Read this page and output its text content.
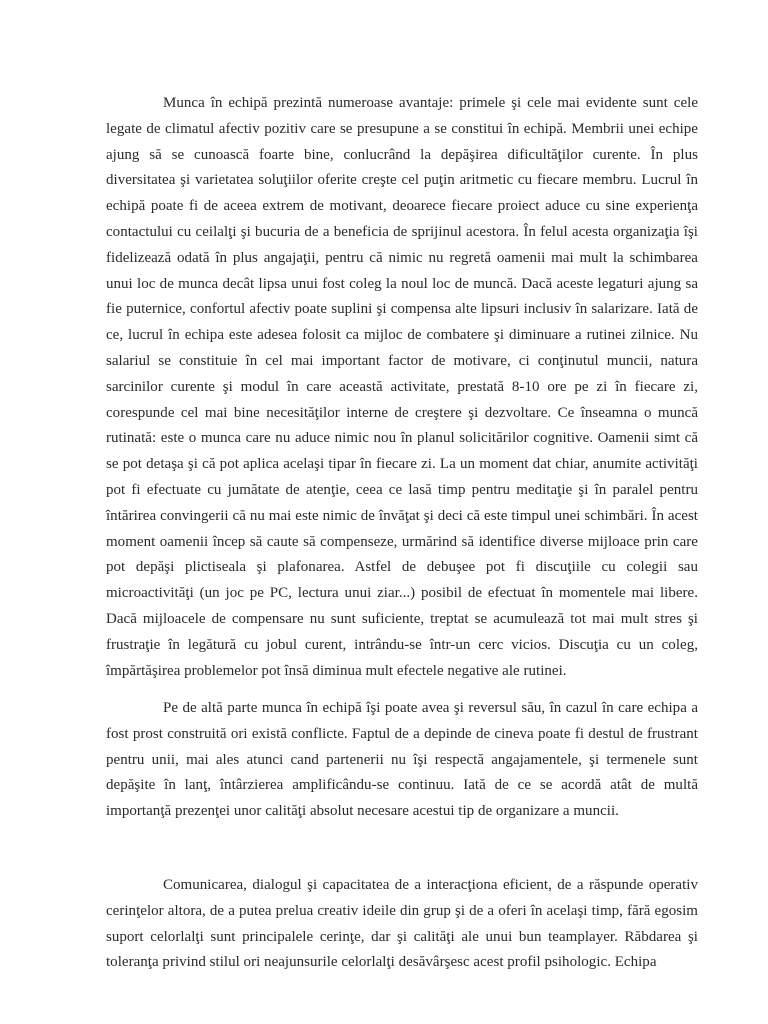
Munca în echipă prezintă numeroase avantaje: primele şi cele mai evidente sunt cele legate de climatul afectiv pozitiv care se presupune a se constitui în echipă. Membrii unei echipe ajung să se cunoască foarte bine, conlucrând la depăşirea dificultăţilor curente. În plus diversitatea şi varietatea soluţiilor oferite creşte cel puţin aritmetic cu fiecare membru. Lucrul în echipă poate fi de aceea extrem de motivant, deoarece fiecare proiect aduce cu sine experienţa contactului cu ceilalţi şi bucuria de a beneficia de sprijinul acestora. În felul acesta organizaţia îşi fidelizează odată în plus angajaţii, pentru că nimic nu regretă oamenii mai mult la schimbarea unui loc de munca decât lipsa unui fost coleg la noul loc de muncă. Dacă aceste legaturi ajung sa fie puternice, confortul afectiv poate suplini şi compensa alte lipsuri inclusiv în salarizare. Iată de ce, lucrul în echipa este adesea folosit ca mijloc de combatere şi diminuare a rutinei zilnice. Nu salariul se constituie în cel mai important factor de motivare, ci conţinutul muncii, natura sarcinilor curente şi modul în care această activitate, prestată 8-10 ore pe zi în fiecare zi, corespunde cel mai bine necesităţilor interne de creştere şi dezvoltare. Ce înseamna o muncă rutinată: este o munca care nu aduce nimic nou în planul solicitărilor cognitive. Oamenii simt că se pot detaşa şi că pot aplica acelaşi tipar în fiecare zi. La un moment dat chiar, anumite activităţi pot fi efectuate cu jumătate de atenţie, ceea ce lasă timp pentru meditaţie şi în paralel pentru întărirea convingerii că nu mai este nimic de învăţat şi deci că este timpul unei schimbări. În acest moment oamenii încep să caute să compenseze, urmărind să identifice diverse mijloace prin care pot depăşi plictiseala şi plafonarea. Astfel de debuşee pot fi discuţiile cu colegii sau microactivităţi (un joc pe PC, lectura unui ziar...) posibil de efectuat în momentele mai libere. Dacă mijloacele de compensare nu sunt suficiente, treptat se acumulează tot mai mult stres şi frustraţie în legătură cu jobul curent, intrându-se într-un cerc vicios. Discuţia cu un coleg, împărtăşirea problemelor pot însă diminua mult efectele negative ale rutinei.

Pe de altă parte munca în echipă îşi poate avea şi reversul său, în cazul în care echipa a fost prost construită ori există conflicte. Faptul de a depinde de cineva poate fi destul de frustrant pentru unii, mai ales atunci cand partenerii nu îşi respectă angajamentele, şi termenele sunt depăşite în lanţ, întârzierea amplificându-se continuu. Iată de ce se acordă atât de multă importanţă prezenţei unor calităţi absolut necesare acestui tip de organizare a muncii.

Comunicarea, dialogul şi capacitatea de a interacţiona eficient, de a răspunde operativ cerinţelor altora, de a putea prelua creativ ideile din grup şi de a oferi în acelaşi timp, fără egosim suport celorlalţi sunt principalele cerinţe, dar şi calităţi ale unui bun teamplayer. Răbdarea şi toleranţa privind stilul ori neajunsurile celorlalţi desăvârşesc acest profil psihologic. Echipa
